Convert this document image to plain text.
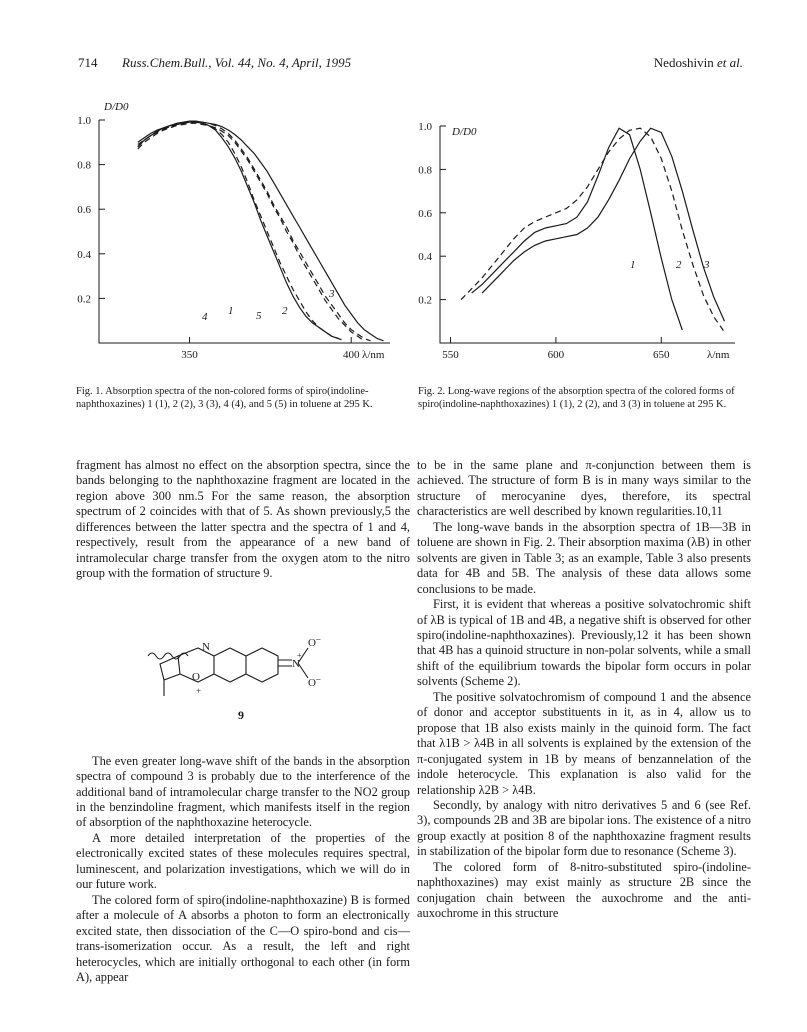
714 Russ.Chem.Bull., Vol. 44, No. 4, April, 1995	Nedoshivin et al.
1.0
0.8
0.6
0.4
0.2
350	400
D/D0
λ/nm
1	2
3
4	5
1.0
0.8
0.6
0.4
0.2
550	600	650
D/D0
λ/nm
1	2 3
Fig. 1. Absorption spectra of the non-colored forms of spiro(indoline-naphthoxazines) 1 (1), 2 (2), 3 (3), 4 (4), and 5 (5) in toluene at 295 K.
Fig. 2. Long-wave regions of the absorption spectra of the colored forms of spiro(indoline-naphthoxazines) 1 (1), 2 (2), and 3 (3) in toluene at 295 K.

fragment has almost no effect on the absorption spectra, since the bands belonging to the naphthoxazine fragment are located in the region above 300 nm.5 For the same reason, the absorption spectrum of 2 coincides with that of 5. As shown previously,5 the differences between the latter spectra and the spectra of 1 and 4, respectively, result from the appearance of a new band of intramolecular charge transfer from the oxygen atom to the nitro group with the formation of structure 9.

The even greater long-wave shift of the bands in the absorption spectra of compound 3 is probably due to the interference of the additional band of intramolecular charge transfer to the NO2 group in the benzindoline fragment, which manifests itself in the region of absorption of the naphthoxazine heterocycle.

A more detailed interpretation of the properties of the electronically excited states of these molecules requires spectral, luminescent, and polarization investigations, which we will do in our future work.

The colored form of spiro(indoline-naphthoxazine) B is formed after a molecule of A absorbs a photon to form an electronically excited state, then dissociation of the C—O spiro-bond and cis—trans-isomerization occur. As a result, the left and right heterocycles, which are initially orthogonal to each other (in form A), appear

to be in the same plane and π-conjunction between them is achieved. The structure of form B is in many ways similar to the structure of merocyanine dyes, therefore, its spectral characteristics are well described by known regularities.10,11

The long-wave bands in the absorption spectra of 1B—3B in toluene are shown in Fig. 2. Their absorption maxima (λB) in other solvents are given in Table 3; as an example, Table 3 also presents data for 4B and 5B. The analysis of these data allows some conclusions to be made.

First, it is evident that whereas a positive solvatochromic shift of λB is typical of 1B and 4B, a negative shift is observed for other spiro(indoline-naphthoxazines). Previously,12 it has been shown that 4B has a quinoid structure in non-polar solvents, while a small shift of the equilibrium towards the bipolar form occurs in polar solvents (Scheme 2).

The positive solvatochromism of compound 1 and the absence of donor and acceptor substituents in it, as in 4, allow us to propose that 1B also exists mainly in the quinoid form. The fact that λ1B > λ4B in all solvents is explained by the extension of the π-conjugated system in 1B by means of benzannelation of the indole heterocycle. This explanation is also valid for the relationship λ2B > λ4B.

Secondly, by analogy with nitro derivatives 5 and 6 (see Ref. 3), compounds 2B and 3B are bipolar ions. The existence of a nitro group exactly at position 8 of the naphthoxazine fragment results in stabilization of the bipolar form due to resonance (Scheme 3).

The colored form of 8-nitro-substituted spiro-(indoline-naphthoxazines) may exist mainly as structure 2B since the conjugation chain between the auxochrome and the anti-auxochrome in this structure

N
O
N
O
O
+
–
–
+
9
